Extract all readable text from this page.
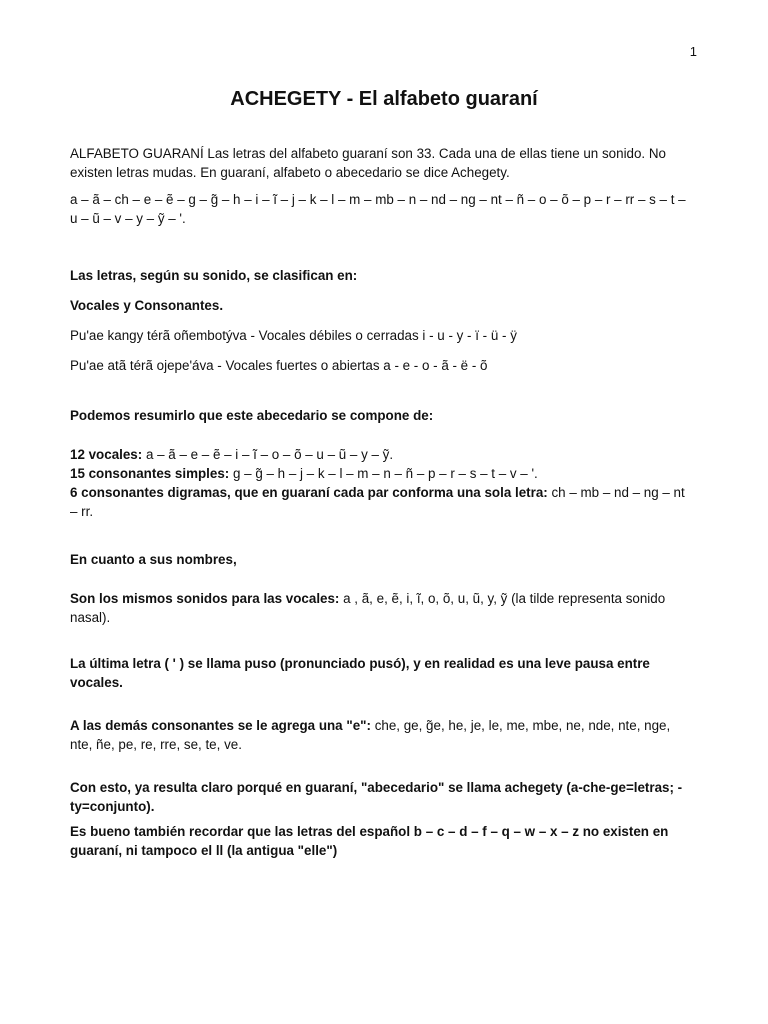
1
ACHEGETY - El alfabeto guaraní

ALFABETO GUARANÍ Las letras del alfabeto guaraní son 33. Cada una de ellas tiene un sonido. No existen letras mudas. En guaraní, alfabeto o abecedario se dice Achegety.

a – ã – ch – e – ẽ – g – g̃ – h – i – ĩ – j – k – l – m – mb – n – nd – ng – nt – ñ – o – õ – p – r – rr – s – t – u – ũ – v – y – ỹ – '.

Las letras, según su sonido, se clasifican en:

Vocales y Consonantes.

Pu'ae kangy térã oñembotýva - Vocales débiles o cerradas i - u - y - ï - ü - ÿ

Pu'ae atã térã ojepe'áva - Vocales fuertes o abiertas a - e - o - ã - ë - õ

Podemos resumirlo que este abecedario se compone de:

12 vocales: a – ã – e – ẽ – i – ĩ – o – õ – u – ũ – y – ỹ.

15 consonantes simples: g – g̃ – h – j – k – l – m – n – ñ – p – r – s – t – v – '.

6 consonantes digramas, que en guaraní cada par conforma una sola letra: ch – mb – nd – ng – nt – rr.

En cuanto a sus nombres,

Son los mismos sonidos para las vocales: a , ã, e, ẽ, i, ĩ, o, õ, u, ũ, y, ỹ (la tilde representa sonido nasal).

La última letra ( ' ) se llama puso (pronunciado pusó), y en realidad es una leve pausa entre vocales.

A las demás consonantes se le agrega una "e": che, ge, g̃e, he, je, le, me, mbe, ne, nde, nte, nge, nte, ñe, pe, re, rre, se, te, ve.

Con esto, ya resulta claro porqué en guaraní, "abecedario" se llama achegety (a-che-ge=letras; -ty=conjunto).

Es bueno también recordar que las letras del español b – c – d – f – q – w – x – z no existen en guaraní, ni tampoco el ll (la antigua "elle")
